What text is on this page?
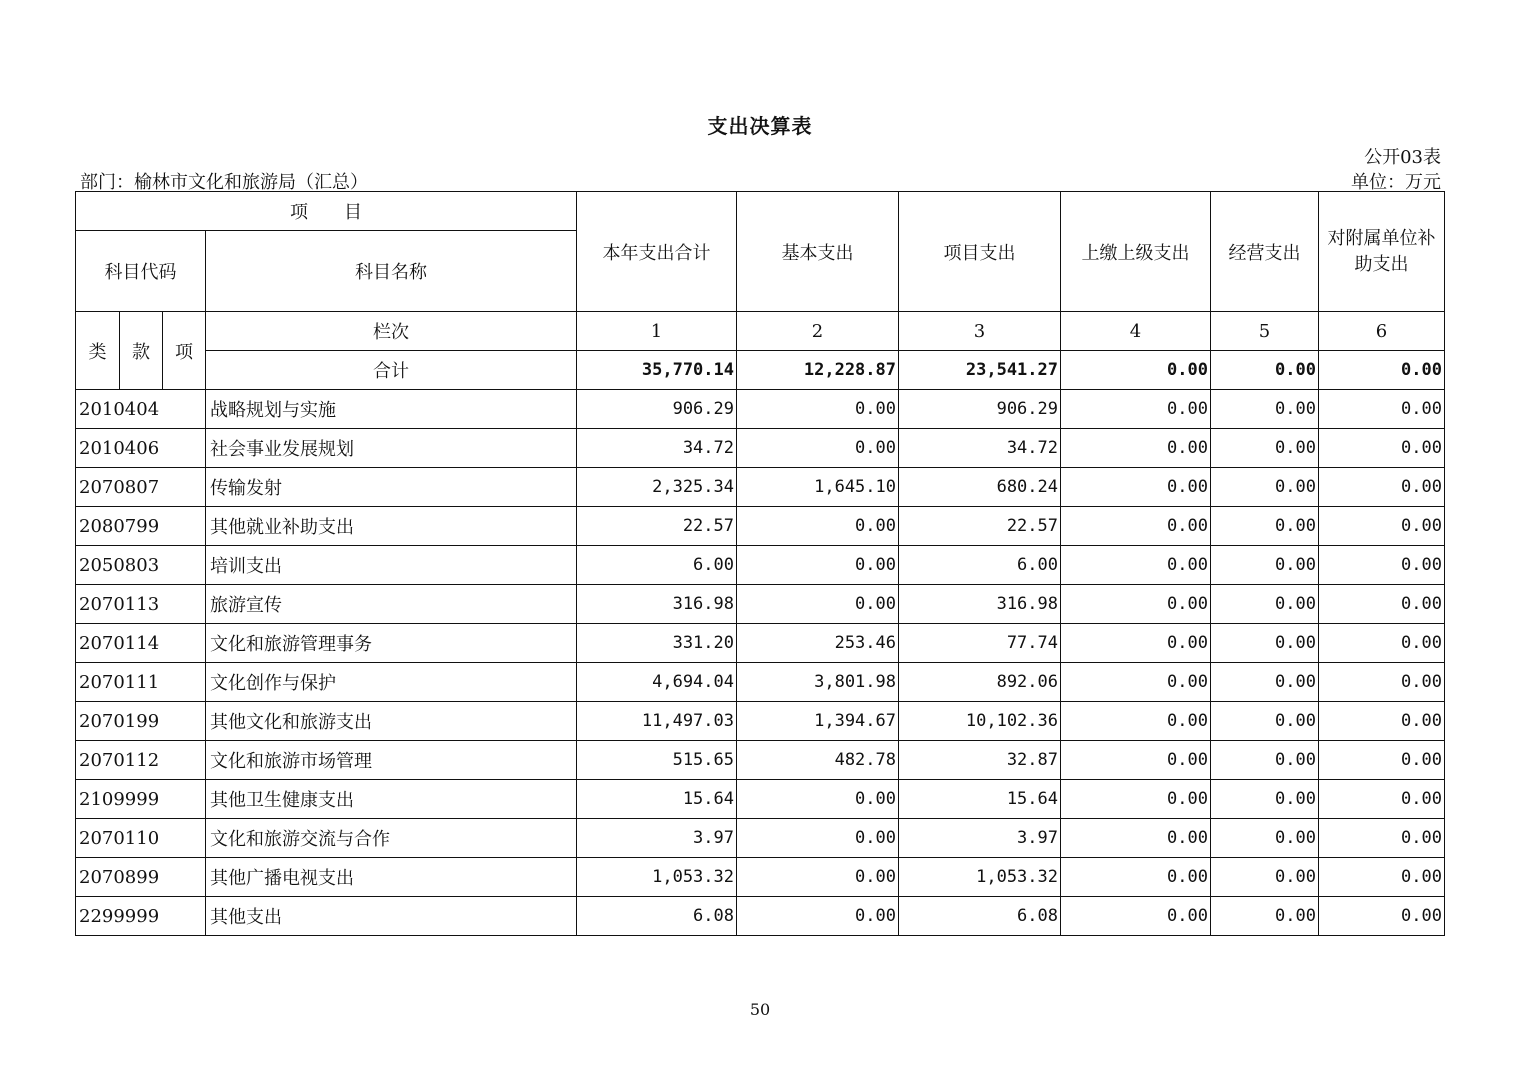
支出决算表
公开03表
部门：榆林市文化和旅游局（汇总）	单位：万元
项　　目				本年支出合计	基本支出	项目支出	上缴上级支出	经营支出	对附属单位补助支出
科目代码			科目名称						
类	款	项	栏次	1	2	3	4	5	6
			合计	35,770.14	12,228.87	23,541.27	0.00	0.00	0.00
2010404			战略规划与实施	906.29	0.00	906.29	0.00	0.00	0.00
2010406			社会事业发展规划	34.72	0.00	34.72	0.00	0.00	0.00
2070807			传输发射	2,325.34	1,645.10	680.24	0.00	0.00	0.00
2080799			其他就业补助支出	22.57	0.00	22.57	0.00	0.00	0.00
2050803			培训支出	6.00	0.00	6.00	0.00	0.00	0.00
2070113			旅游宣传	316.98	0.00	316.98	0.00	0.00	0.00
2070114			文化和旅游管理事务	331.20	253.46	77.74	0.00	0.00	0.00
2070111			文化创作与保护	4,694.04	3,801.98	892.06	0.00	0.00	0.00
2070199			其他文化和旅游支出	11,497.03	1,394.67	10,102.36	0.00	0.00	0.00
2070112			文化和旅游市场管理	515.65	482.78	32.87	0.00	0.00	0.00
2109999			其他卫生健康支出	15.64	0.00	15.64	0.00	0.00	0.00
2070110			文化和旅游交流与合作	3.97	0.00	3.97	0.00	0.00	0.00
2070899			其他广播电视支出	1,053.32	0.00	1,053.32	0.00	0.00	0.00
2299999			其他支出	6.08	0.00	6.08	0.00	0.00	0.00
50
